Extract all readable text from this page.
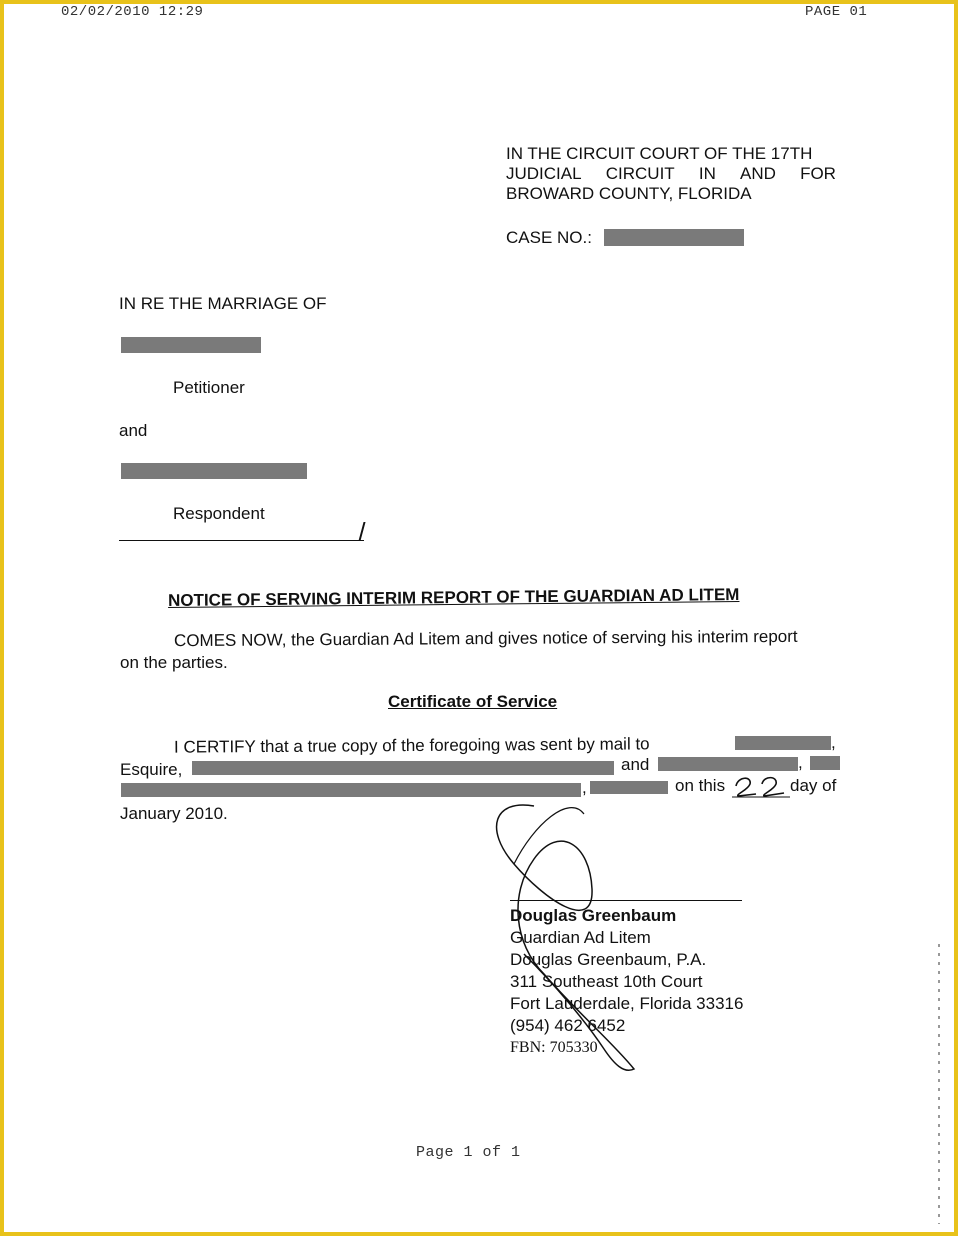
02/02/2010 12:29	PAGE 01
IN THE CIRCUIT COURT OF THE 17TH
JUDICIAL CIRCUIT IN AND FOR
BROWARD COUNTY, FLORIDA
CASE NO.:
IN RE THE MARRIAGE OF
Petitioner
and
Respondent
NOTICE OF SERVING INTERIM REPORT OF THE GUARDIAN AD LITEM
COMES NOW, the Guardian Ad Litem and gives notice of serving his interim report
on the parties.
Certificate of Service
I CERTIFY that a true copy of the foregoing was sent by mail to	,
Esquire,	and	,
,	on this	day of
January 2010.
Douglas Greenbaum
Guardian Ad Litem
Douglas Greenbaum, P.A.
311 Southeast 10th Court
Fort Lauderdale, Florida 33316
(954) 462 6452
FBN: 705330
Page 1 of 1
